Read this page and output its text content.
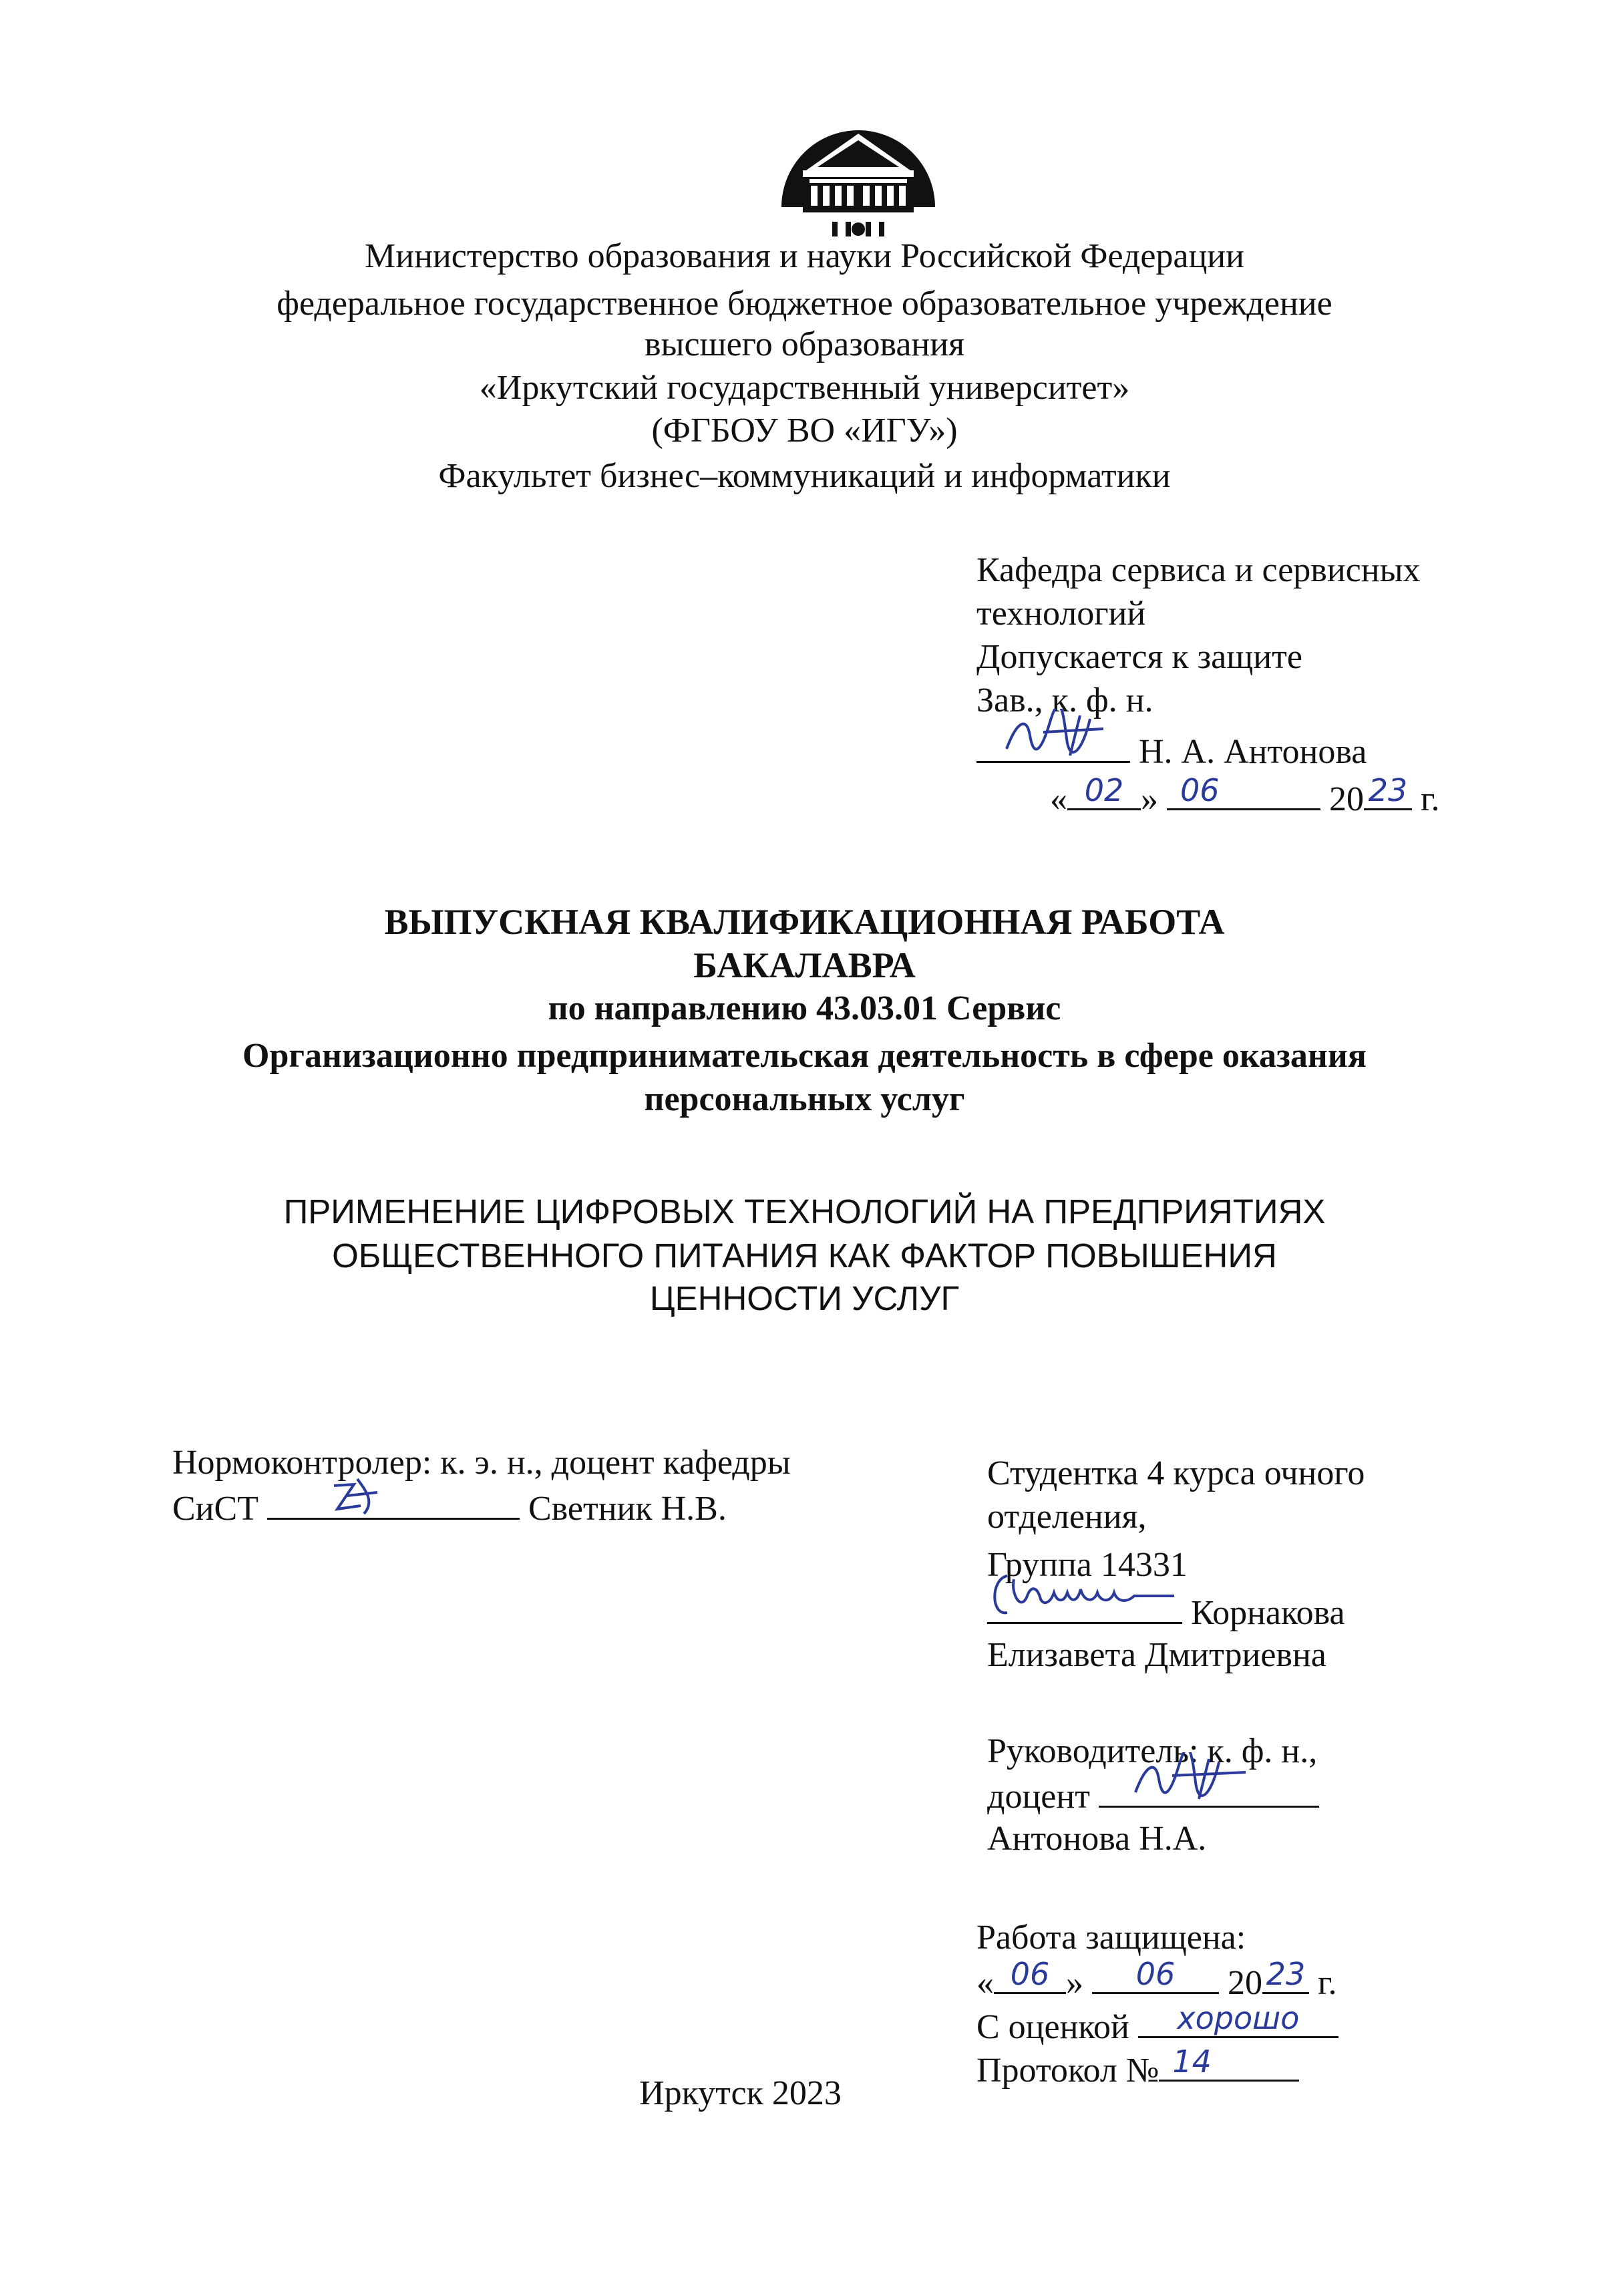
Министерство образования и науки Российской Федерации
федеральное государственное бюджетное образовательное учреждение
высшего образования
«Иркутский государственный университет»
(ФГБОУ ВО «ИГУ»)
Факультет бизнес–коммуникаций и информатики
Кафедра сервиса и сервисных
технологий
Допускается к защите
Зав., к. ф. н.
Н. А. Антонова
« 02 » 06	20 23 г.
ВЫПУСКНАЯ КВАЛИФИКАЦИОННАЯ РАБОТА
БАКАЛАВРА
по направлению 43.03.01 Сервис
Организационно предпринимательская деятельность в сфере оказания
персональных услуг
ПРИМЕНЕНИЕ ЦИФРОВЫХ ТЕХНОЛОГИЙ НА ПРЕДПРИЯТИЯХ
ОБЩЕСТВЕННОГО ПИТАНИЯ КАК ФАКТОР ПОВЫШЕНИЯ
ЦЕННОСТИ УСЛУГ
Нормоконтролер: к. э. н., доцент кафедры
СиСТ	Светник Н.В.
Студентка 4 курса очного
отделения,
Группа 14331
Корнакова
Елизавета Дмитриевна
Руководитель: к. ф. н.,
доцент
Антонова Н.А.
Работа защищена:
« 06 »	06	20 23 г.
С оценкой	хорошо
Протокол № 14
Иркутск 2023
